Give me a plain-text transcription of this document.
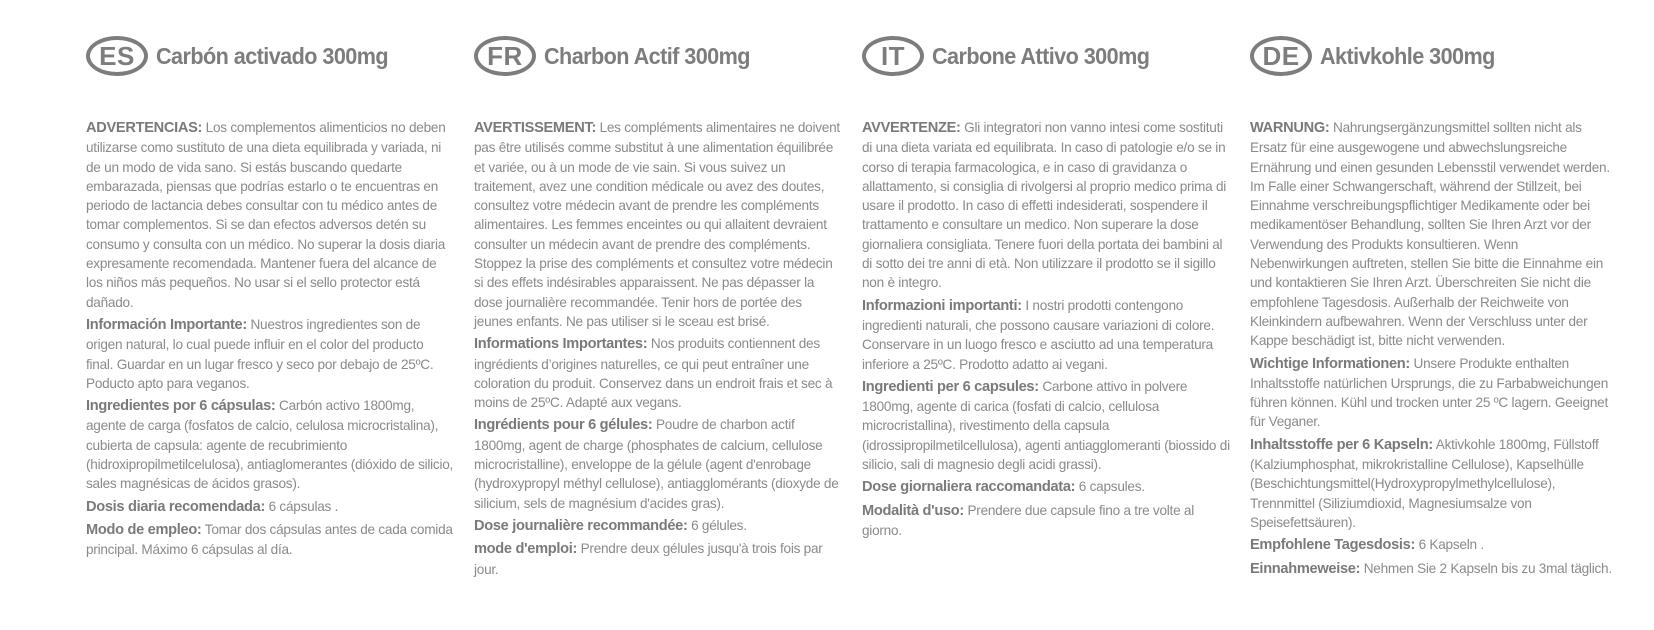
ES Carbón activado 300mg

ADVERTENCIAS: Los complementos alimenticios no deben utilizarse como sustituto de una dieta equilibrada y variada, ni de un modo de vida sano. Si estás buscando quedarte embarazada, piensas que podrías estarlo o te encuentras en periodo de lactancia debes consultar con tu médico antes de tomar complementos. Si se dan efectos adversos detén su consumo y consulta con un médico. No superar la dosis diaria expresamente recomendada. Mantener fuera del alcance de los niños más pequeños. No usar si el sello protector está dañado.

Información Importante: Nuestros ingredientes son de origen natural, lo cual puede influir en el color del producto final. Guardar en un lugar fresco y seco por debajo de 25ºC. Poducto apto para veganos.

Ingredientes por 6 cápsulas: Carbón activo 1800mg, agente de carga (fosfatos de calcio, celulosa microcristalina), cubierta de capsula: agente de recubrimiento (hidroxipropilmetilcelulosa), antiaglomerantes (dióxido de silicio, sales magnésicas de ácidos grasos).

Dosis diaria recomendada: 6 cápsulas .

Modo de empleo: Tomar dos cápsulas antes de cada comida principal. Máximo 6 cápsulas al día.

FR Charbon Actif 300mg

AVERTISSEMENT: Les compléments alimentaires ne doivent pas être utilisés comme substitut à une alimentation équilibrée et variée, ou à un mode de vie sain. Si vous suivez un traitement, avez une condition médicale ou avez des doutes, consultez votre médecin avant de prendre les compléments alimentaires. Les femmes enceintes ou qui allaitent devraient consulter un médecin avant de prendre des compléments. Stoppez la prise des compléments et consultez votre médecin si des effets indésirables apparaissent. Ne pas dépasser la dose journalière recommandée. Tenir hors de portée des jeunes enfants. Ne pas utiliser si le sceau est brisé.

Informations Importantes: Nos produits contiennent des ingrédients d’origines naturelles, ce qui peut entraîner une coloration du produit. Conservez dans un endroit frais et sec à moins de 25ºC. Adapté aux vegans.

Ingrédients pour 6 gélules: Poudre de charbon actif 1800mg, agent de charge (phosphates de calcium, cellulose microcristalline), enveloppe de la gélule (agent d'enrobage (hydroxypropyl méthyl cellulose), antiagglomérants (dioxyde de silicium, sels de magnésium d'acides gras).

Dose journalière recommandée: 6 gélules.

mode d'emploi: Prendre deux gélules jusqu'à trois fois par jour.

IT	Carbone Attivo 300mg

AVVERTENZE: Gli integratori non vanno intesi come sostituti di una dieta variata ed equilibrata. In caso di patologie e/o se in corso di terapia farmacologica, e in caso di gravidanza o allattamento, si consiglia di rivolgersi al proprio medico prima di usare il prodotto. In caso di effetti indesiderati, sospendere il trattamento e consultare un medico. Non superare la dose giornaliera consigliata. Tenere fuori della portata dei bambini al di sotto dei tre anni di età. Non utilizzare il prodotto se il sigillo non è integro.

Informazioni importanti: I nostri prodotti contengono ingredienti naturali, che possono causare variazioni di colore. Conservare in un luogo fresco e asciutto ad una temperatura inferiore a 25ºC. Prodotto adatto ai vegani.

Ingredienti per 6 capsules: Carbone attivo in polvere 1800mg, agente di carica (fosfati di calcio, cellulosa microcristallina), rivestimento della capsula (idrossipropilmetilcellulosa), agenti antiagglomeranti (biossido di silicio, sali di magnesio degli acidi grassi).

Dose giornaliera raccomandata: 6 capsules.

Modalità d'uso: Prendere due capsule fino a tre volte al giorno.

DE Aktivkohle 300mg

WARNUNG: Nahrungsergänzungsmittel sollten nicht als Ersatz für eine ausgewogene und abwechslungsreiche Ernährung und einen gesunden Lebensstil verwendet werden. Im Falle einer Schwangerschaft, während der Stillzeit, bei Einnahme verschreibungspflichtiger Medikamente oder bei medikamentöser Behandlung, sollten Sie Ihren Arzt vor der Verwendung des Produkts konsultieren. Wenn Nebenwirkungen auftreten, stellen Sie bitte die Einnahme ein und kontaktieren Sie Ihren Arzt. Überschreiten Sie nicht die empfohlene Tagesdosis. Außerhalb der Reichweite von Kleinkindern aufbewahren. Wenn der Verschluss unter der Kappe beschädigt ist, bitte nicht verwenden.

Wichtige Informationen: Unsere Produkte enthalten Inhaltsstoffe natürlichen Ursprungs, die zu Farbabweichungen führen können. Kühl und trocken unter 25 ºC lagern. Geeignet für Veganer.

Inhaltsstoffe per 6 Kapseln: Aktivkohle 1800mg, Füllstoff (Kalziumphosphat, mikrokristalline Cellulose), Kapselhülle (Beschichtungsmittel(Hydroxypropylmethylcellulose), Trennmittel (Siliziumdioxid, Magnesiumsalze von Speisefettsäuren).

Empfohlene Tagesdosis: 6 Kapseln .

Einnahmeweise: Nehmen Sie 2 Kapseln bis zu 3mal täglich.
